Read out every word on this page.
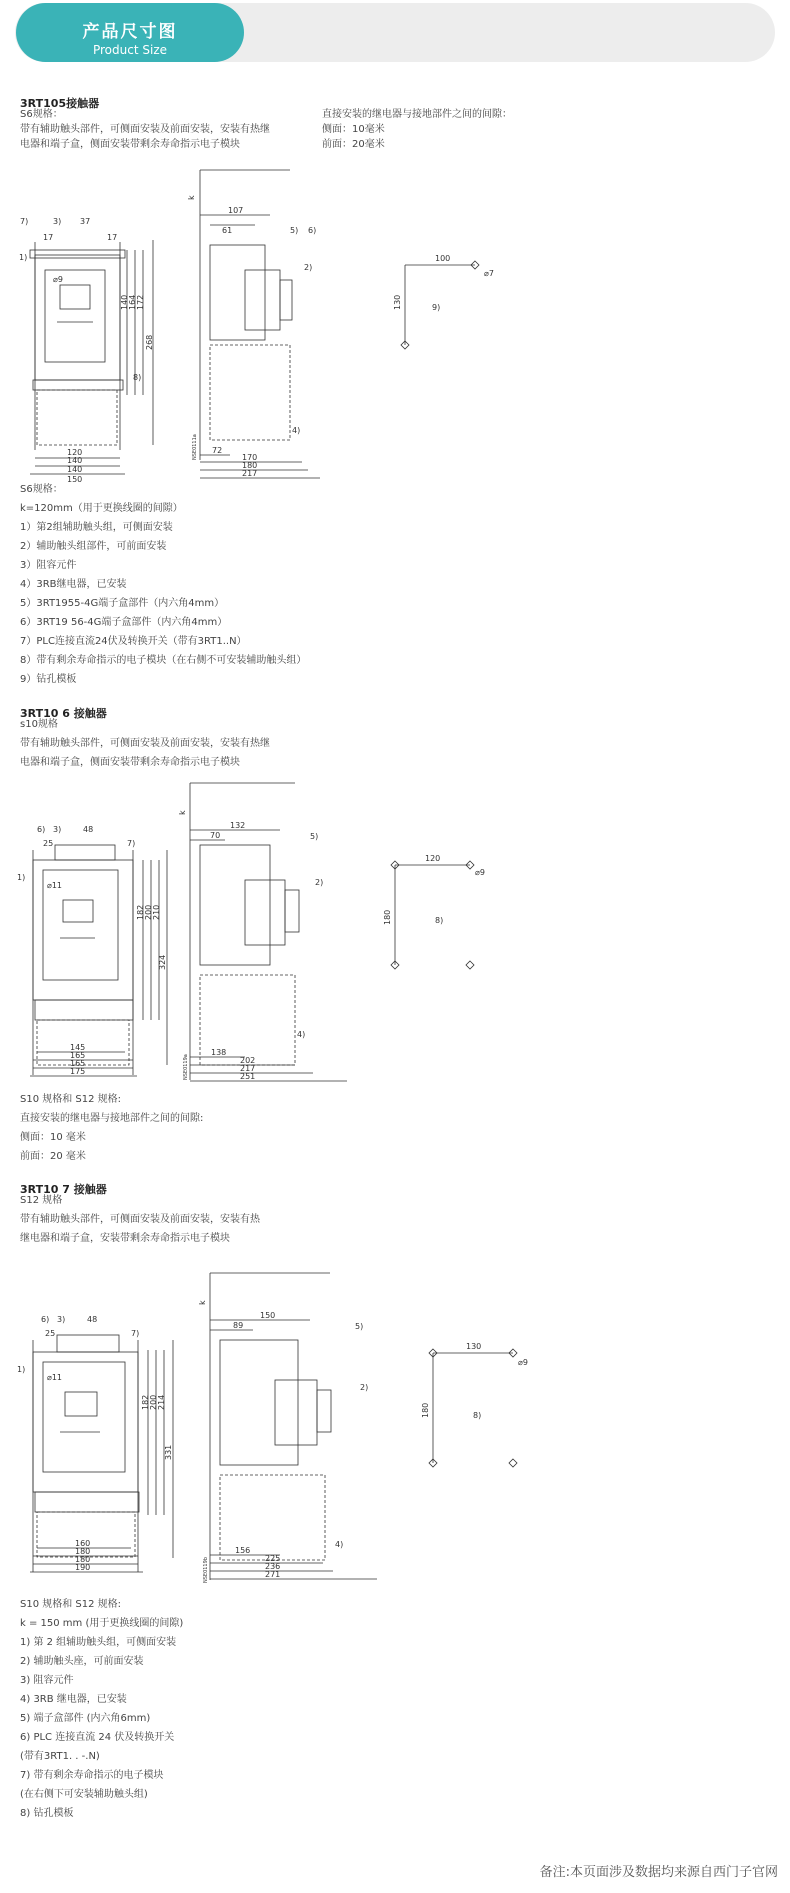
产品尺寸图
Product Size
3RT105接触器
S6规格：
带有辅助触头部件，可侧面安装及前面安装，安装有热继
电器和端子盒，侧面安装带剩余寿命指示电子模块
直接安装的继电器与接地部件之间的间隙：
侧面：10毫米
前面：20毫米
7)	3) 37
17
1)
17
⌀9
140 164 172
268
8)
120
140
140
150
k
107
61	5) 6)
2)
4)
72
170
180
217
NSE0111a
100
⌀7
130	9)
S6规格：
k=120mm（用于更换线圈的间隙）
1）第2组辅助触头组，可侧面安装
2）辅助触头组部件，可前面安装
3）阻容元件
4）3RB继电器，已安装
5）3RT1955-4G端子盒部件（内六角4mm）
6）3RT19 56-4G端子盒部件（内六角4mm）
7）PLC连接直流24伏及转换开关（带有3RT1..N）
8）带有剩余寿命指示的电子模块（在右侧不可安装辅助触头组）
9）钻孔模板
3RT10 6 接触器
s10规格
带有辅助触头部件，可侧面安装及前面安装，安装有热继
电器和端子盒，侧面安装带剩余寿命指示电子模块
6) 3)	48
25
1)
7)
⌀11
182 200 210
324
145
165
165
175
k
132
70	5)
2)
4)
138
202
217
251
NSE0119a
120
⌀9
180	8)
S10 规格和 S12 规格:
直接安装的继电器与接地部件之间的间隙:
侧面：10 毫米
前面：20 毫米
3RT10 7 接触器
S12 规格
带有辅助触头部件，可侧面安装及前面安装，安装有热
继电器和端子盒，安装带剩余寿命指示电子模块
6) 3)	48
25
1)
7)
⌀11
182 200 214
331
160
180
180
190
k
150
89	5)
2)
4)
156
225
236
271
NSE0119b
130
⌀9
180	8)
S10 规格和 S12 规格:
k = 150 mm (用于更换线圈的间隙)
1) 第 2 组辅助触头组，可侧面安装
2) 辅助触头座，可前面安装
3) 阻容元件
4) 3RB 继电器，已安装
5) 端子盒部件 (内六角6mm)
6) PLC 连接直流 24 伏及转换开关
(带有3RT1. . -.N)
7) 带有剩余寿命指示的电子模块
(在右侧下可安装辅助触头组)
8) 钻孔模板
备注:本页面涉及数据均来源自西门子官网
